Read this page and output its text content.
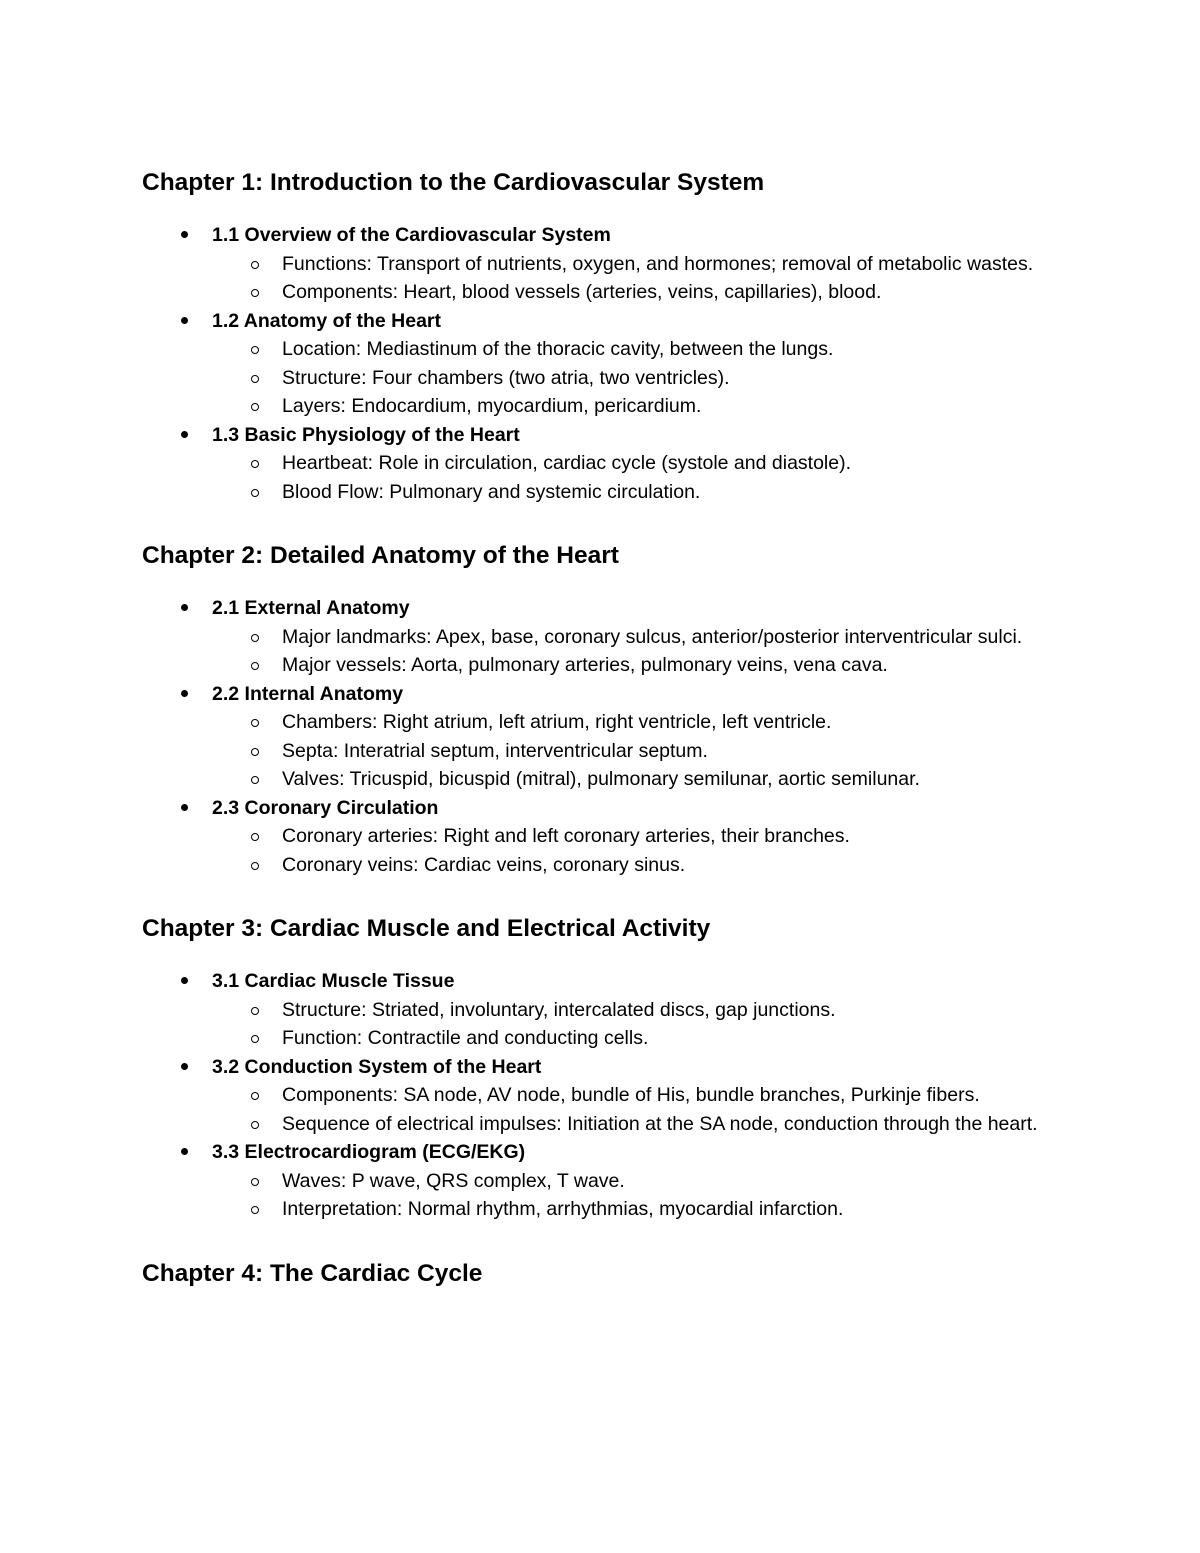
Chapter 1: Introduction to the Cardiovascular System
1.1 Overview of the Cardiovascular System
Functions: Transport of nutrients, oxygen, and hormones; removal of metabolic wastes.
Components: Heart, blood vessels (arteries, veins, capillaries), blood.
1.2 Anatomy of the Heart
Location: Mediastinum of the thoracic cavity, between the lungs.
Structure: Four chambers (two atria, two ventricles).
Layers: Endocardium, myocardium, pericardium.
1.3 Basic Physiology of the Heart
Heartbeat: Role in circulation, cardiac cycle (systole and diastole).
Blood Flow: Pulmonary and systemic circulation.
Chapter 2: Detailed Anatomy of the Heart
2.1 External Anatomy
Major landmarks: Apex, base, coronary sulcus, anterior/posterior interventricular sulci.
Major vessels: Aorta, pulmonary arteries, pulmonary veins, vena cava.
2.2 Internal Anatomy
Chambers: Right atrium, left atrium, right ventricle, left ventricle.
Septa: Interatrial septum, interventricular septum.
Valves: Tricuspid, bicuspid (mitral), pulmonary semilunar, aortic semilunar.
2.3 Coronary Circulation
Coronary arteries: Right and left coronary arteries, their branches.
Coronary veins: Cardiac veins, coronary sinus.
Chapter 3: Cardiac Muscle and Electrical Activity
3.1 Cardiac Muscle Tissue
Structure: Striated, involuntary, intercalated discs, gap junctions.
Function: Contractile and conducting cells.
3.2 Conduction System of the Heart
Components: SA node, AV node, bundle of His, bundle branches, Purkinje fibers.
Sequence of electrical impulses: Initiation at the SA node, conduction through the heart.
3.3 Electrocardiogram (ECG/EKG)
Waves: P wave, QRS complex, T wave.
Interpretation: Normal rhythm, arrhythmias, myocardial infarction.
Chapter 4: The Cardiac Cycle
